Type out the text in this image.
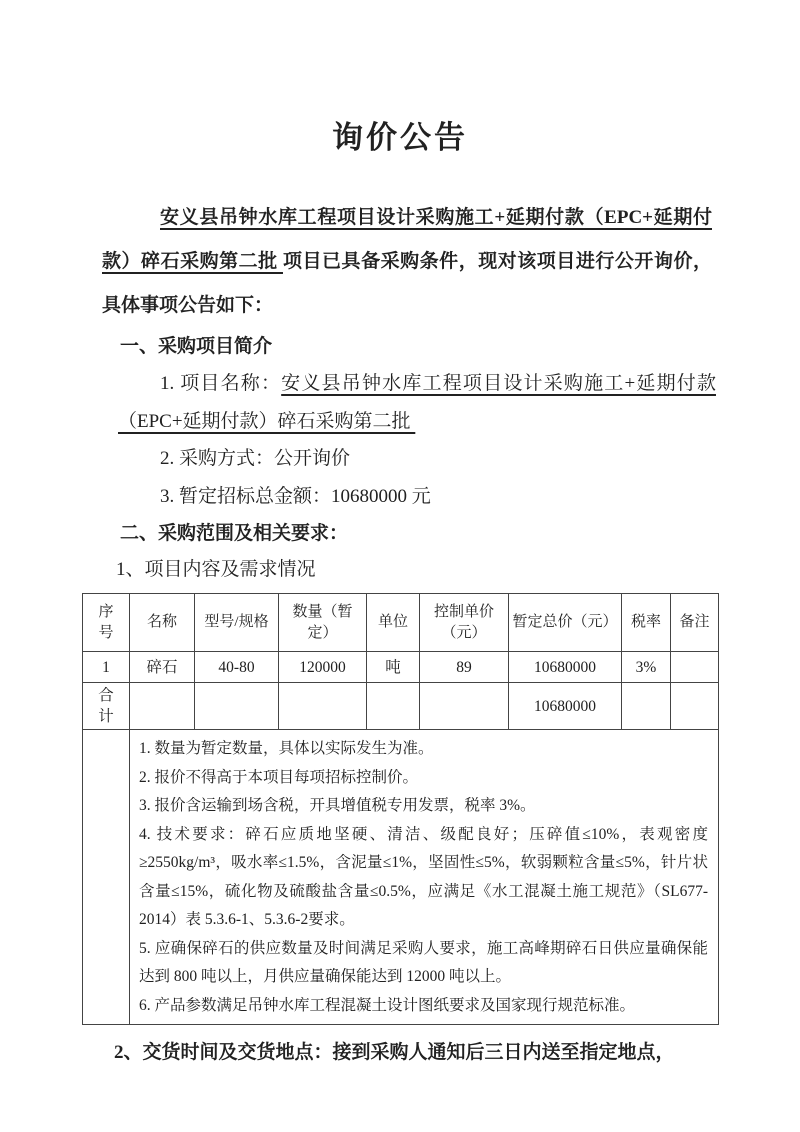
询价公告

安义县吊钟水库工程项目设计采购施工+延期付款（EPC+延期付款）碎石采购第二批 项目已具备采购条件，现对该项目进行公开询价，具体事项公告如下：

一、采购项目简介

1. 项目名称：安义县吊钟水库工程项目设计采购施工+延期付款（EPC+延期付款）碎石采购第二批

2. 采购方式：公开询价

3. 暂定招标总金额：10680000 元

二、采购范围及相关要求：

1、项目内容及需求情况

序号	名称	型号/规格	数量（暂定）	单位	控制单价（元）	暂定总价（元）	税率	备注
1	碎石	40-80	120000	吨	89	10680000	3%	
合计						10680000		

1. 数量为暂定数量，具体以实际发生为准。

2. 报价不得高于本项目每项招标控制价。

3. 报价含运输到场含税，开具增值税专用发票，税率 3%。

4. 技术要求：碎石应质地坚硬、清洁、级配良好；压碎值≤10%，表观密度≥2550kg/m³，吸水率≤1.5%，含泥量≤1%，坚固性≤5%，软弱颗粒含量≤5%，针片状含量≤15%，硫化物及硫酸盐含量≤0.5%，应满足《水工混凝土施工规范》（SL677-2014）表 5.3.6-1、5.3.6-2要求。

5. 应确保碎石的供应数量及时间满足采购人要求，施工高峰期碎石日供应量确保能达到 800 吨以上，月供应量确保能达到 12000 吨以上。

6. 产品参数满足吊钟水库工程混凝土设计图纸要求及国家现行规范标准。

2、交货时间及交货地点：接到采购人通知后三日内送至指定地点，
